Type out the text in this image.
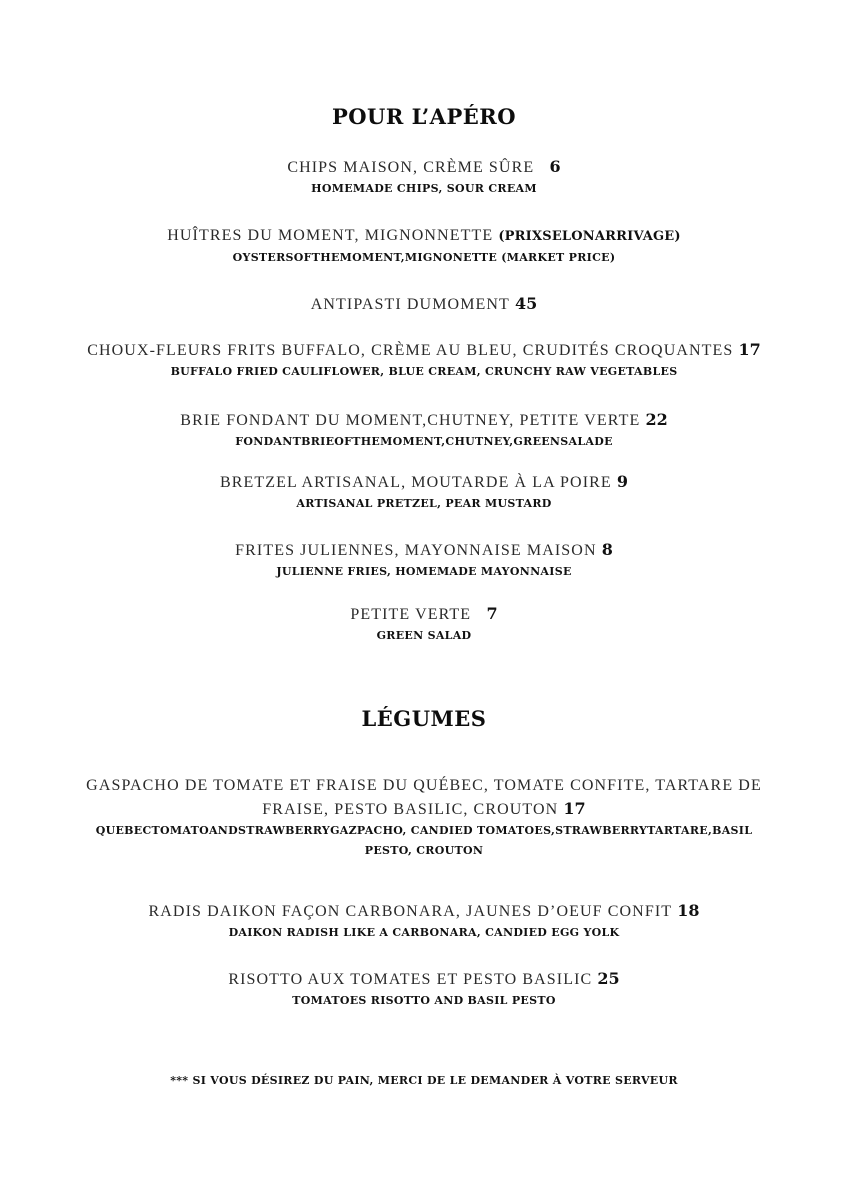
POUR L’APÉRO
CHIPS MAISON, CRÈME SÛRE 6
HOMEMADE CHIPS, SOUR CREAM
HUÎTRES DU MOMENT, MIGNONNETTE (PRIXSELONARRIVAGE)
OYSTERSOFTHEMOMENT,MIGNONETTE (MARKET PRICE)
ANTIPASTI DUMOMENT 45
CHOUX-FLEURS FRITS BUFFALO, CRÈME AU BLEU, CRUDITÉS CROQUANTES 17
BUFFALO FRIED CAULIFLOWER, BLUE CREAM, CRUNCHY RAW VEGETABLES
BRIE FONDANT DU MOMENT,CHUTNEY, PETITE VERTE 22
FONDANTBRIEOFTHEMOMENT,CHUTNEY,GREENSALADE
BRETZEL ARTISANAL, MOUTARDE À LA POIRE 9
ARTISANAL PRETZEL, PEAR MUSTARD
FRITES JULIENNES, MAYONNAISE MAISON 8
JULIENNE FRIES, HOMEMADE MAYONNAISE
PETITE VERTE 7
GREEN SALAD
LÉGUMES
GASPACHO DE TOMATE ET FRAISE DU QUÉBEC, TOMATE CONFITE, TARTARE DE
FRAISE, PESTO BASILIC, CROUTON 17
QUEBECTOMATOANDSTRAWBERRYGAZPACHO, CANDIED TOMATOES,STRAWBERRYTARTARE,BASIL
PESTO, CROUTON
RADIS DAIKON FAÇON CARBONARA, JAUNES D’OEUF CONFIT 18
DAIKON RADISH LIKE A CARBONARA, CANDIED EGG YOLK
RISOTTO AUX TOMATES ET PESTO BASILIC 25
TOMATOES RISOTTO AND BASIL PESTO
*** SI VOUS DÉSIREZ DU PAIN, MERCI DE LE DEMANDER À VOTRE SERVEUR
